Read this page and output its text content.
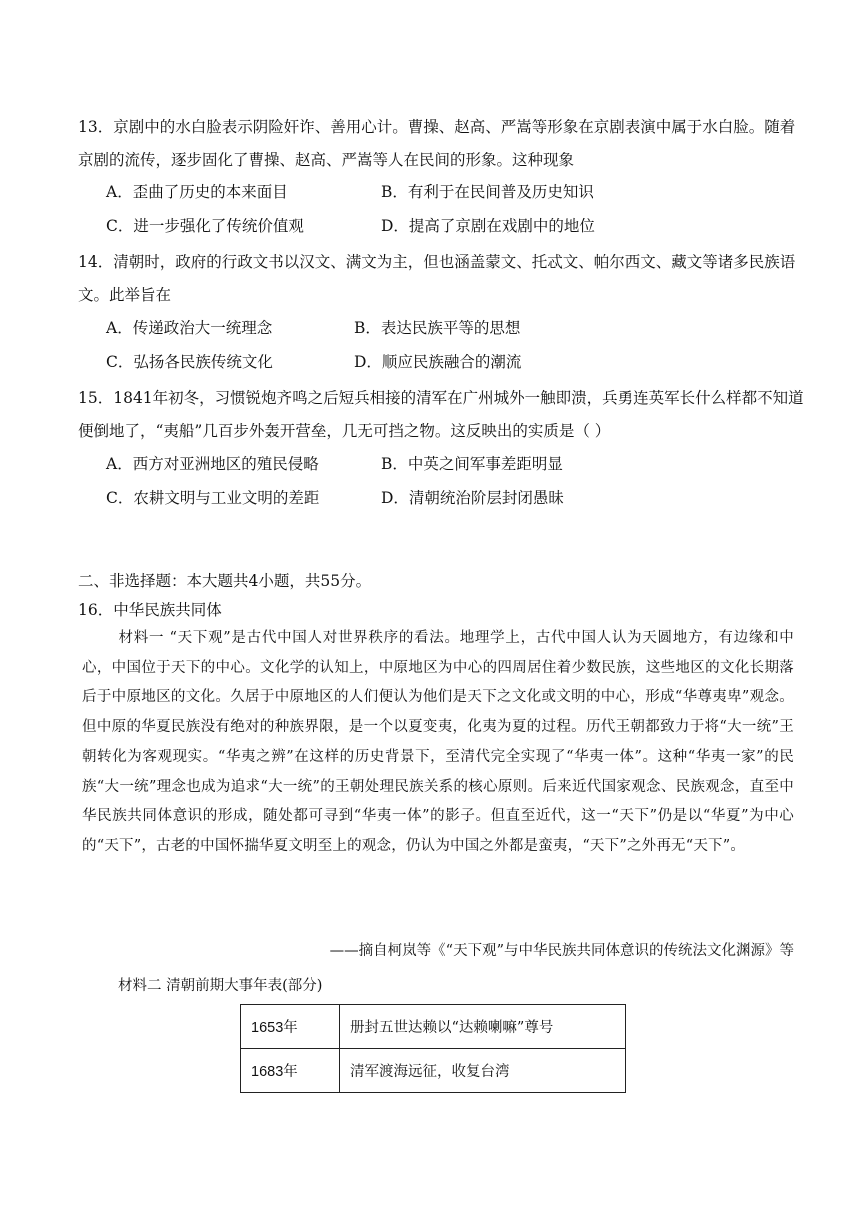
13．京剧中的水白脸表示阴险奸诈、善用心计。曹操、赵高、严嵩等形象在京剧表演中属于水白脸。随着
京剧的流传，逐步固化了曹操、赵高、严嵩等人在民间的形象。这种现象
A．歪曲了历史的本来面目	B．有利于在民间普及历史知识
C．进一步强化了传统价值观	D．提高了京剧在戏剧中的地位
14．清朝时，政府的行政文书以汉文、满文为主，但也涵盖蒙文、托忒文、帕尔西文、藏文等诸多民族语
文。此举旨在
A．传递政治大一统理念	B．表达民族平等的思想
C．弘扬各民族传统文化	D．顺应民族融合的潮流
15．1841年初冬，习惯锐炮齐鸣之后短兵相接的清军在广州城外一触即溃，兵勇连英军长什么样都不知道
便倒地了，“夷船”几百步外轰开营垒，几无可挡之物。这反映出的实质是（ ）
A．西方对亚洲地区的殖民侵略	B．中英之间军事差距明显
C．农耕文明与工业文明的差距	D．清朝统治阶层封闭愚昧
二、非选择题：本大题共4小题，共55分。
16．中华民族共同体
材料一 “天下观”是古代中国人对世界秩序的看法。地理学上，古代中国人认为天圆地方，有边缘和中心，中国位于天下的中心。文化学的认知上，中原地区为中心的四周居住着少数民族，这些地区的文化长期落后于中原地区的文化。久居于中原地区的人们便认为他们是天下之文化或文明的中心，形成“华尊夷卑”观念。但中原的华夏民族没有绝对的种族界限，是一个以夏变夷，化夷为夏的过程。历代王朝都致力于将“大一统”王朝转化为客观现实。“华夷之辨”在这样的历史背景下，至清代完全实现了“华夷一体”。这种“华夷一家”的民族“大一统”理念也成为追求“大一统”的王朝处理民族关系的核心原则。后来近代国家观念、民族观念，直至中华民族共同体意识的形成，随处都可寻到“华夷一体”的影子。但直至近代，这一“天下”仍是以“华夏”为中心的“天下”，古老的中国怀揣华夏文明至上的观念，仍认为中国之外都是蛮夷，“天下”之外再无“天下”。
——摘自柯岚等《“天下观”与中华民族共同体意识的传统法文化渊源》等
材料二 清朝前期大事年表(部分)
1653年	册封五世达赖以“达赖喇嘛”尊号
1683年	清军渡海远征，收复台湾
